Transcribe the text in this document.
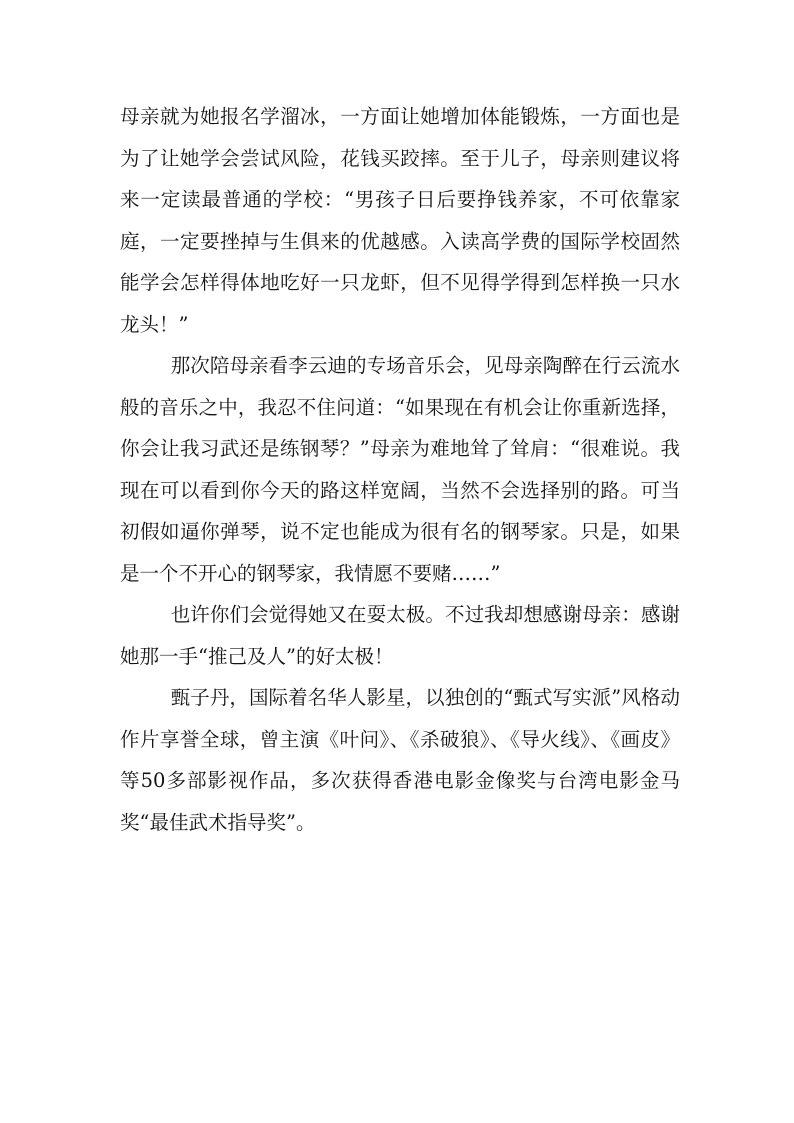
母亲就为她报名学溜冰，一方面让她增加体能锻炼，一方面也是为了让她学会尝试风险，花钱买跤摔。至于儿子，母亲则建议将来一定读最普通的学校：“男孩子日后要挣钱养家，不可依靠家庭，一定要挫掉与生俱来的优越感。入读高学费的国际学校固然能学会怎样得体地吃好一只龙虾，但不见得学得到怎样换一只水龙头！”

那次陪母亲看李云迪的专场音乐会，见母亲陶醉在行云流水般的音乐之中，我忍不住问道：“如果现在有机会让你重新选择，你会让我习武还是练钢琴？”母亲为难地耸了耸肩：“很难说。我现在可以看到你今天的路这样宽阔，当然不会选择别的路。可当初假如逼你弹琴，说不定也能成为很有名的钢琴家。只是，如果是一个不开心的钢琴家，我情愿不要赌……”

也许你们会觉得她又在耍太极。不过我却想感谢母亲：感谢她那一手“推己及人”的好太极！

甄子丹，国际着名华人影星，以独创的“甄式写实派”风格动作片享誉全球，曾主演《叶问》、《杀破狼》、《导火线》、《画皮》等50多部影视作品，多次获得香港电影金像奖与台湾电影金马奖“最佳武术指导奖”。
